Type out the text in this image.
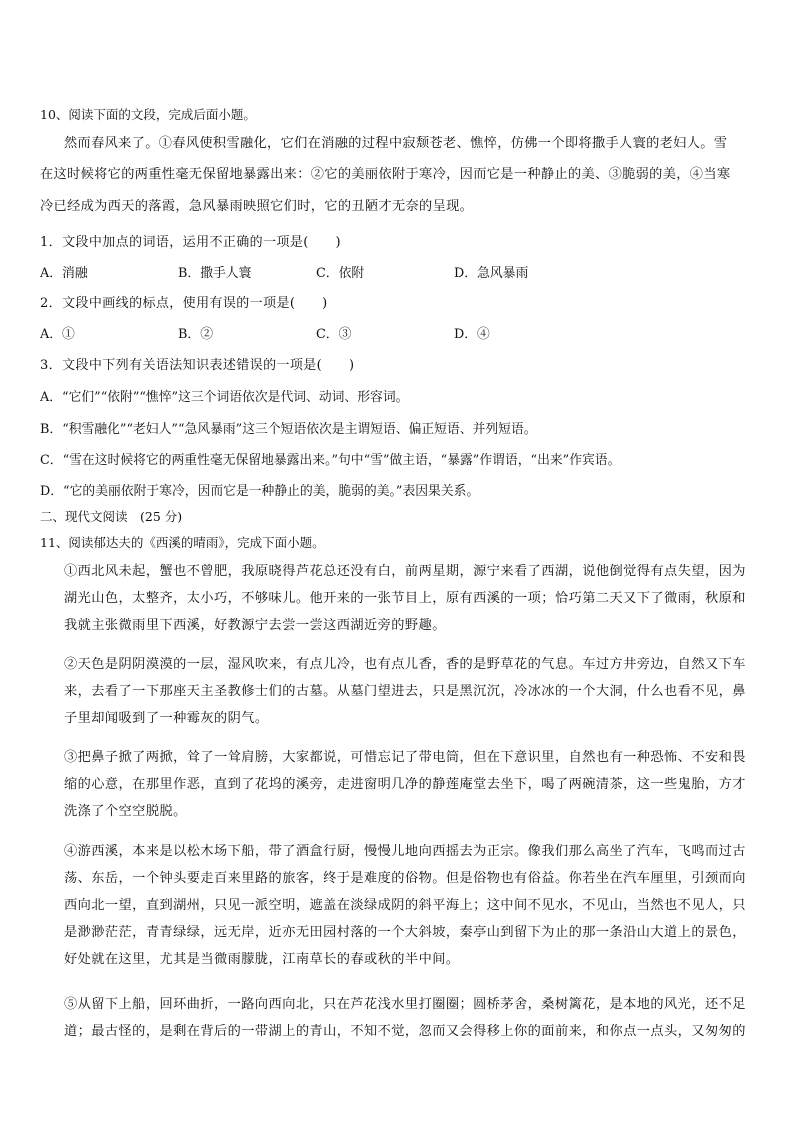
10、阅读下面的文段，完成后面小题。
然而春风来了。①春风使积雪融化，它们在消融的过程中寂颓苍老、憔悴，仿佛一个即将撒手人寰的老妇人。雪
在这时候将它的两重性毫无保留地暴露出来：②它的美丽依附于寒冷，因而它是一种静止的美、③脆弱的美，④当寒
冷已经成为西天的落霞，急风暴雨映照它们时，它的丑陋才无奈的呈现。
1．文段中加点的词语，运用不正确的一项是(　　)
A．消融	B．撒手人寰	C．依附	D．急风暴雨
2．文段中画线的标点，使用有误的一项是(　　)
A．①	B．②	C．③	D．④
3．文段中下列有关语法知识表述错误的一项是(　　)
A．“它们”“依附”“憔悴”这三个词语依次是代词、动词、形容词。
B．“积雪融化”“老妇人”“急风暴雨”这三个短语依次是主谓短语、偏正短语、并列短语。
C．“雪在这时候将它的两重性毫无保留地暴露出来。”句中“雪”做主语，“暴露”作谓语，“出来”作宾语。
D．“它的美丽依附于寒冷，因而它是一种静止的美，脆弱的美。”表因果关系。
二、现代文阅读　(25 分)
11、阅读郁达夫的《西溪的晴雨》，完成下面小题。
①西北风未起，蟹也不曾肥，我原晓得芦花总还没有白，前两星期，源宁来看了西湖，说他倒觉得有点失望，因为湖光山色，太整齐，太小巧，不够味儿。他开来的一张节目上，原有西溪的一项；恰巧第二天又下了微雨，秋原和我就主张微雨里下西溪，好教源宁去尝一尝这西湖近旁的野趣。
②天色是阴阴漠漠的一层，湿风吹来，有点儿冷，也有点儿香，香的是野草花的气息。车过方井旁边，自然又下车来，去看了一下那座天主圣教修士们的古墓。从墓门望进去，只是黑沉沉，冷冰冰的一个大洞，什么也看不见，鼻子里却闻吸到了一种霉灰的阴气。
③把鼻子掀了两掀，耸了一耸肩膀，大家都说，可惜忘记了带电筒，但在下意识里，自然也有一种恐怖、不安和畏缩的心意，在那里作恶，直到了花坞的溪旁，走进窗明几净的静莲庵堂去坐下，喝了两碗清茶，这一些鬼胎，方才洗涤了个空空脱脱。
④游西溪，本来是以松木场下船，带了酒盒行厨，慢慢儿地向西摇去为正宗。像我们那么高坐了汽车，飞鸣而过古荡、东岳，一个钟头要走百来里路的旅客，终于是难度的俗物。但是俗物也有俗益。你若坐在汽车厘里，引颈而向西向北一望，直到湖州，只见一派空明，遮盖在淡绿成阴的斜平海上；这中间不见水，不见山，当然也不见人，只是渺渺茫茫，青青绿绿，远无岸，近亦无田园村落的一个大斜坡，秦亭山到留下为止的那一条沿山大道上的景色，好处就在这里，尤其是当微雨朦胧，江南草长的春或秋的半中间。
⑤从留下上船，回环曲折，一路向西向北，只在芦花浅水里打圈圈；圆桥茅舍，桑树篱花，是本地的风光，还不足道；最古怪的，是剩在背后的一带湖上的青山，不知不觉，忽而又会得移上你的面前来，和你点一点头，又匆匆的
